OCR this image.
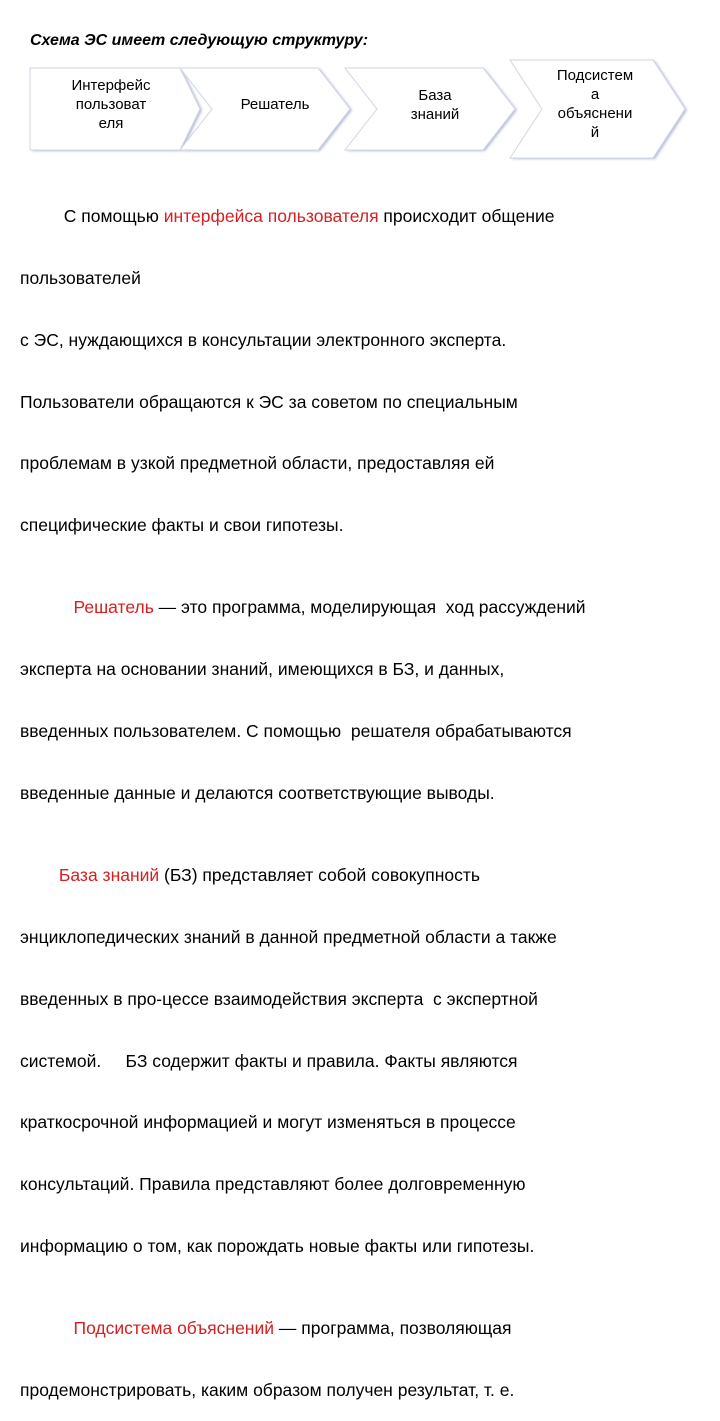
Схема ЭС имеет следующую структуру:
Интерфейс
пользоват
еля
Решатель
База
знаний
Подсистем
а
объяснени
й

С помощью интерфейса пользователя происходит общение

пользователей

с ЭС, нуждающихся в консультации электронного эксперта.

Пользователи обращаются к ЭС за советом по специальным

проблемам в узкой предметной области, предоставляя ей

специфические факты и свои гипотезы.

Решатель — это программа, моделирующая  ход рассуждений

эксперта на основании знаний, имеющихся в БЗ, и данных,

введенных пользователем. С помощью  решателя обрабатываются

введенные данные и делаются соответствующие выводы.

База знаний (БЗ) представляет собой совокупность

энциклопедических знаний в данной предметной области а также

введенных в про-цессе взаимодействия эксперта  с экспертной

системой.     БЗ содержит факты и правила. Факты являются

краткосрочной информацией и могут изменяться в процессе

консультаций. Правила представляют более долговременную

информацию о том, как порождать новые факты или гипотезы.

Подсистема объяснений — программа, позволяющая

продемонстрировать, каким образом получен результат, т. е.
